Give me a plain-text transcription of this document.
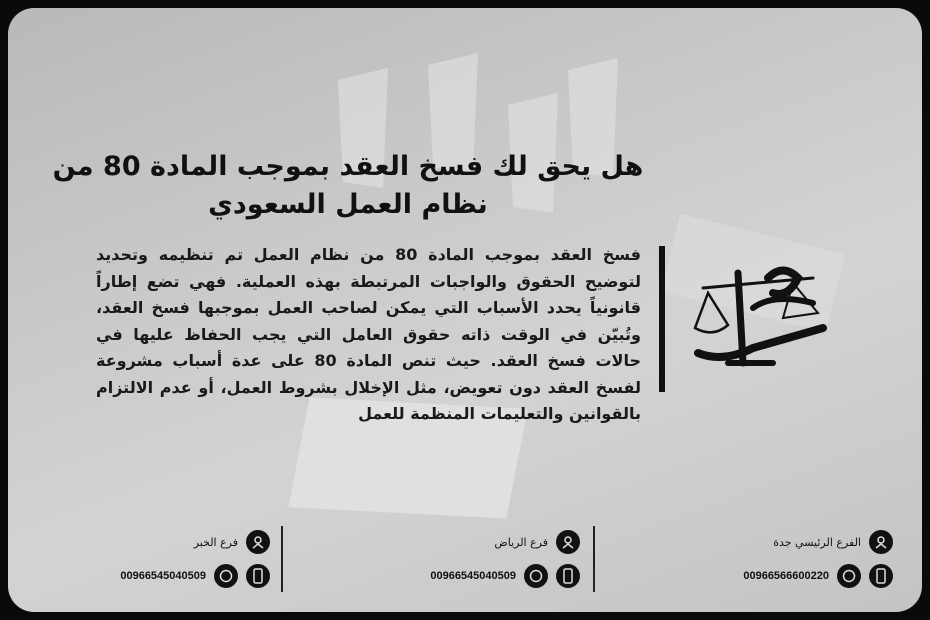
هل يحق لك فسخ العقد بموجب المادة 80 من نظام العمل السعودي
فسخ العقد بموجب المادة 80 من نظام العمل تم تنظيمه وتحديد لتوضيح الحقوق والواجبات المرتبطة بهذه العملية. فهي تضع إطاراً قانونياً يحدد الأسباب التي يمكن لصاحب العمل بموجبها فسخ العقد، وتُبيّن في الوقت ذاته حقوق العامل التي يجب الحفاظ عليها في حالات فسخ العقد. حيث تنص المادة 80 على عدة أسباب مشروعة لفسخ العقد دون تعويض، مثل الإخلال بشروط العمل، أو عدم الالتزام بالقوانين والتعليمات المنظمة للعمل
الفرع الرئيسي جدة
00966566600220
فرع الرياض
00966545040509
فرع الخبر
00966545040509
